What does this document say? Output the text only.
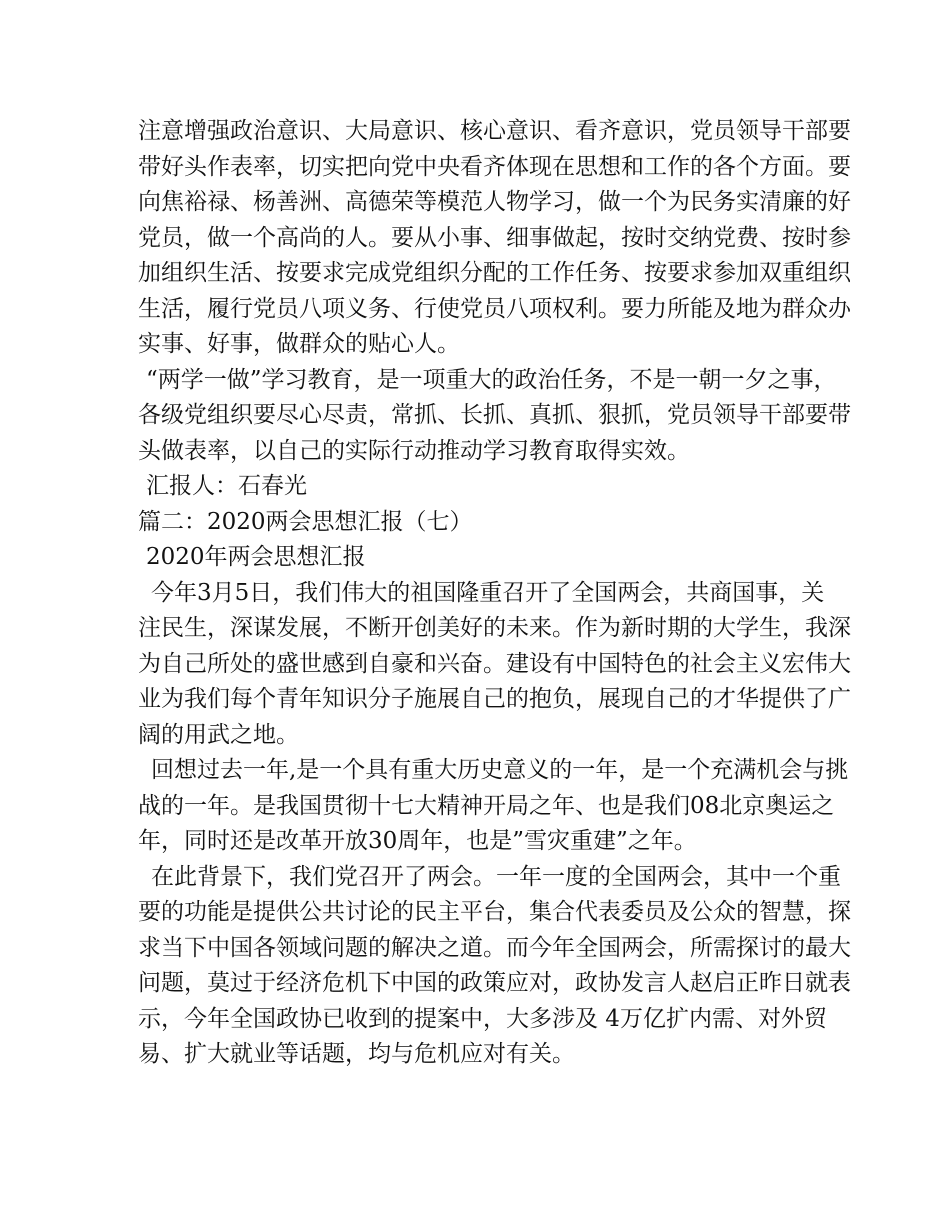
注意增强政治意识、大局意识、核心意识、看齐意识，党员领导干部要
带好头作表率，切实把向党中央看齐体现在思想和工作的各个方面。要
向焦裕禄、杨善洲、高德荣等模范人物学习，做一个为民务实清廉的好
党员，做一个高尚的人。要从小事、细事做起，按时交纳党费、按时参
加组织生活、按要求完成党组织分配的工作任务、按要求参加双重组织
生活，履行党员八项义务、行使党员八项权利。要力所能及地为群众办
实事、好事，做群众的贴心人。
“两学一做”学习教育，是一项重大的政治任务，不是一朝一夕之事，
各级党组织要尽心尽责，常抓、长抓、真抓、狠抓，党员领导干部要带
头做表率，以自己的实际行动推动学习教育取得实效。
汇报人：石春光
篇二：2020两会思想汇报（七）
2020年两会思想汇报
今年3月5日，我们伟大的祖国隆重召开了全国两会，共商国事，关
注民生，深谋发展，不断开创美好的未来。作为新时期的大学生，我深
为自己所处的盛世感到自豪和兴奋。建设有中国特色的社会主义宏伟大
业为我们每个青年知识分子施展自己的抱负，展现自己的才华提供了广
阔的用武之地。
回想过去一年,是一个具有重大历史意义的一年，是一个充满机会与挑
战的一年。是我国贯彻十七大精神开局之年、也是我们08北京奥运之
年，同时还是改革开放30周年，也是”雪灾重建”之年。
在此背景下，我们党召开了两会。一年一度的全国两会，其中一个重
要的功能是提供公共讨论的民主平台，集合代表委员及公众的智慧，探
求当下中国各领域问题的解决之道。而今年全国两会，所需探讨的最大
问题，莫过于经济危机下中国的政策应对，政协发言人赵启正昨日就表
示，今年全国政协已收到的提案中，大多涉及 4万亿扩内需、对外贸
易、扩大就业等话题，均与危机应对有关。
